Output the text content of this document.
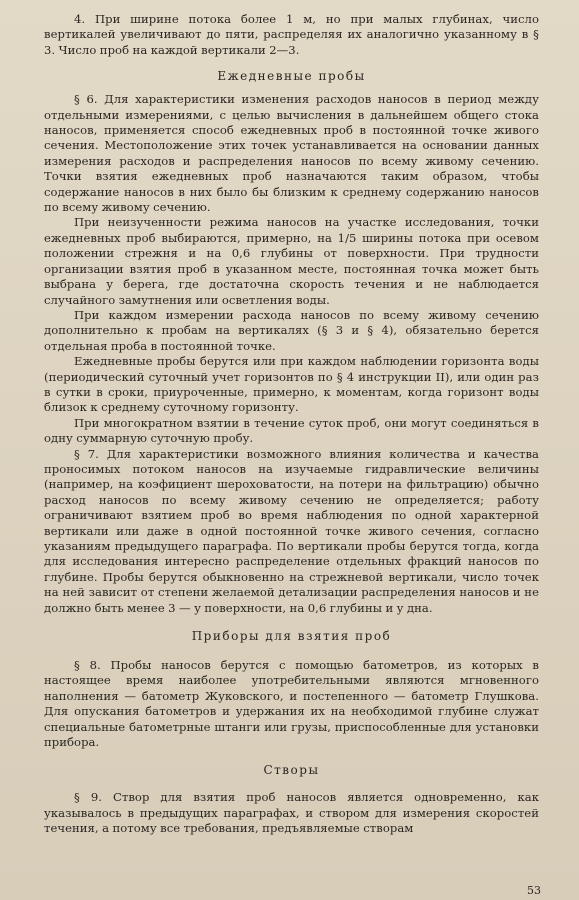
4. При ширине потока более 1 м, но при малых глубинах, число вертикалей увеличивают до пяти, распределяя их аналогично указанному в § 3. Число проб на каждой вертикали 2—3.

Ежедневные пробы

§ 6. Для характеристики изменения расходов наносов в период между отдельными измерениями, с целью вычисления в дальнейшем общего стока наносов, применяется способ ежедневных проб в постоянной точке живого сечения. Местоположение этих точек устанавливается на основании данных измерения расходов и распределения наносов по всему живому сечению. Точки взятия ежедневных проб назначаются таким образом, чтобы содержание наносов в них было бы близким к среднему содержанию наносов по всему живому сечению.

При неизученности режима наносов на участке исследования, точки ежедневных проб выбираются, примерно, на 1/5 ширины потока при осевом положении стрежня и на 0,6 глубины от поверхности. При трудности организации взятия проб в указанном месте, постоянная точка может быть выбрана у берега, где достаточна скорость течения и не наблюдается случайного замутнения или осветления воды.

При каждом измерении расхода наносов по всему живому сечению дополнительно к пробам на вертикалях (§ 3 и § 4), обязательно берется отдельная проба в постоянной точке.

Ежедневные пробы берутся или при каждом наблюдении горизонта воды (периодический суточный учет горизонтов по § 4 инструкции II), или один раз в сутки в сроки, приуроченные, примерно, к моментам, когда горизонт воды близок к среднему суточному горизонту.

При многократном взятии в течение суток проб, они могут соединяться в одну суммарную суточную пробу.

§ 7. Для характеристики возможного влияния количества и качества проносимых потоком наносов на изучаемые гидравлические величины (например, на коэфициент шероховатости, на потери на фильтрацию) обычно расход наносов по всему живому сечению не определяется; работу ограничивают взятием проб во время наблюдения по одной характерной вертикали или даже в одной постоянной точке живого сечения, согласно указаниям предыдущего параграфа. По вертикали пробы берутся тогда, когда для исследования интересно распределение отдельных фракций наносов по глубине. Пробы берутся обыкновенно на стрежневой вертикали, число точек на ней зависит от степени желаемой детализации распределения наносов и не должно быть менее 3 — у поверхности, на 0,6 глубины и у дна.

Приборы для взятия проб

§ 8. Пробы наносов берутся с помощью батометров, из которых в настоящее время наиболее употребительными являются мгновенного наполнения — батометр Жуковского, и постепенного — батометр Глушкова. Для опускания батометров и удержания их на необходимой глубине служат специальные батометрные штанги или грузы, приспособленные для установки прибора.

Створы

§ 9. Створ для взятия проб наносов является одновременно, как указывалось в предыдущих параграфах, и створом для измерения скоростей течения, а потому все требования, предъявляемые створам

53
